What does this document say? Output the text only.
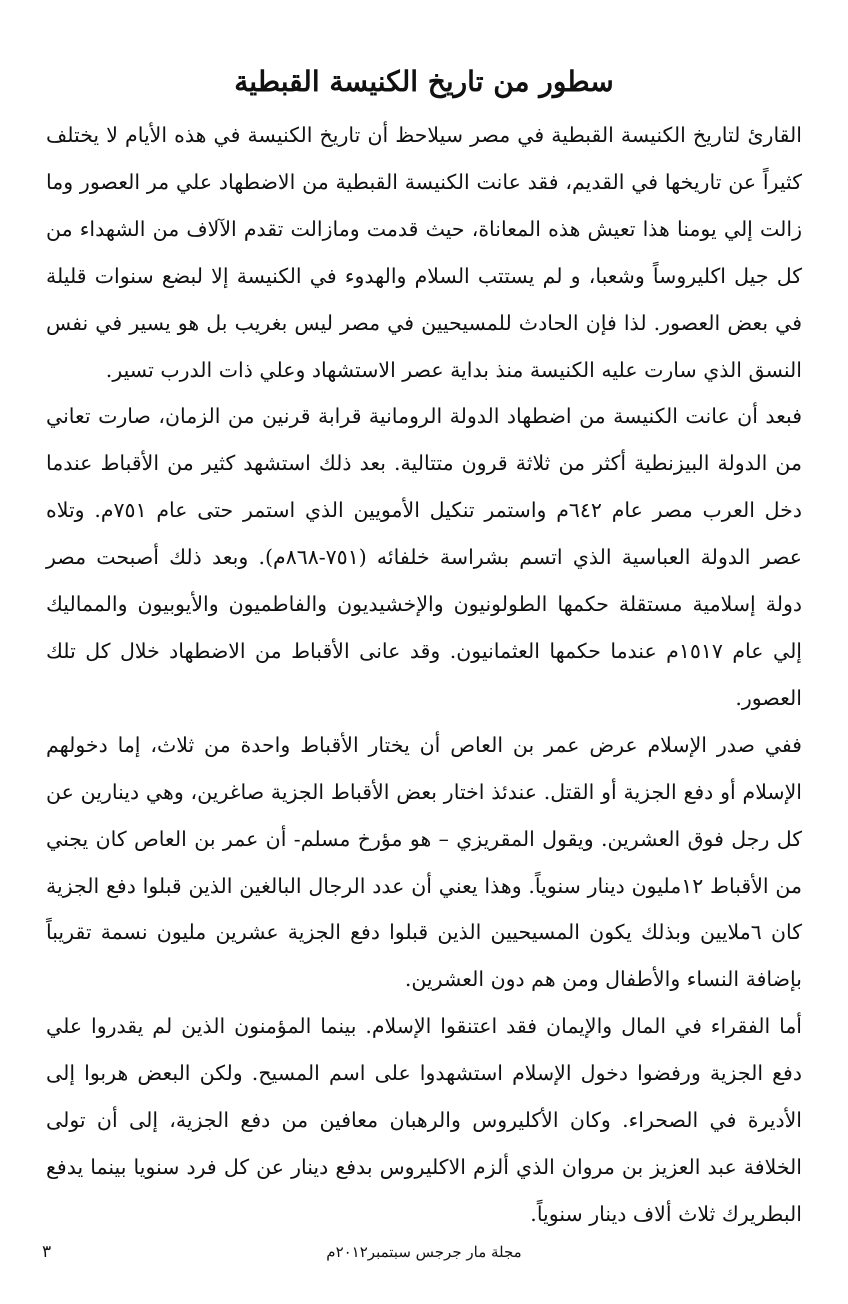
سطور من تاريخ الكنيسة القبطية

القارئ لتاريخ الكنيسة القبطية في مصر سيلاحظ أن تاريخ الكنيسة في هذه الأيام لا يختلف كثيراً عن تاريخها في القديم، فقد عانت الكنيسة القبطية من الاضطهاد علي مر العصور وما زالت إلي يومنا هذا تعيش هذه المعاناة، حيث قدمت ومازالت تقدم الآلاف من الشهداء من كل جيل اكليروساً وشعبا، و لم يستتب السلام والهدوء في الكنيسة إلا لبضع سنوات قليلة في بعض العصور. لذا فإن الحادث للمسيحيين في مصر ليس بغريب بل هو يسير في نفس النسق الذي سارت عليه الكنيسة منذ بداية عصر الاستشهاد وعلي ذات الدرب تسير.

فبعد أن عانت الكنيسة من اضطهاد الدولة الرومانية قرابة قرنين من الزمان، صارت تعاني من الدولة البيزنطية أكثر من ثلاثة قرون متتالية. بعد ذلك استشهد كثير من الأقباط عندما دخل العرب مصر عام ٦٤٢م واستمر تنكيل الأمويين الذي استمر حتى عام ٧٥١م. وتلاه عصر الدولة العباسية الذي اتسم بشراسة خلفائه (٧٥١-٨٦٨م). وبعد ذلك أصبحت مصر دولة إسلامية مستقلة حكمها الطولونيون والإخشيديون والفاطميون والأيوبيون والمماليك إلي عام ١٥١٧م عندما حكمها العثمانيون. وقد عانى الأقباط من الاضطهاد خلال كل تلك العصور.

ففي صدر الإسلام عرض عمر بن العاص أن يختار الأقباط واحدة من ثلاث، إما دخولهم الإسلام أو دفع الجزية أو القتل. عندئذ اختار بعض الأقباط الجزية صاغرين، وهي دينارين عن كل رجل فوق العشرين. ويقول المقريزي – هو مؤرخ مسلم- أن عمر بن العاص كان يجني من الأقباط ١٢مليون دينار سنوياً. وهذا يعني أن عدد الرجال البالغين الذين قبلوا دفع الجزية كان ٦ملايين وبذلك يكون المسيحيين الذين قبلوا دفع الجزية عشرين مليون نسمة تقريباً بإضافة النساء والأطفال ومن هم دون العشرين.

أما الفقراء في المال والإيمان فقد اعتنقوا الإسلام. بينما المؤمنون الذين لم يقدروا علي دفع الجزية ورفضوا دخول الإسلام استشهدوا على اسم المسيح. ولكن البعض هربوا إلى الأديرة في الصحراء. وكان الأكليروس والرهبان معافين من دفع الجزية، إلى أن تولى الخلافة عبد العزيز بن مروان الذي ألزم الاكليروس بدفع دينار عن كل فرد سنويا بينما يدفع البطريرك ثلاث ألاف دينار سنوياً.

مجلة مار جرجس سبتمبر٢٠١٢م
٣
